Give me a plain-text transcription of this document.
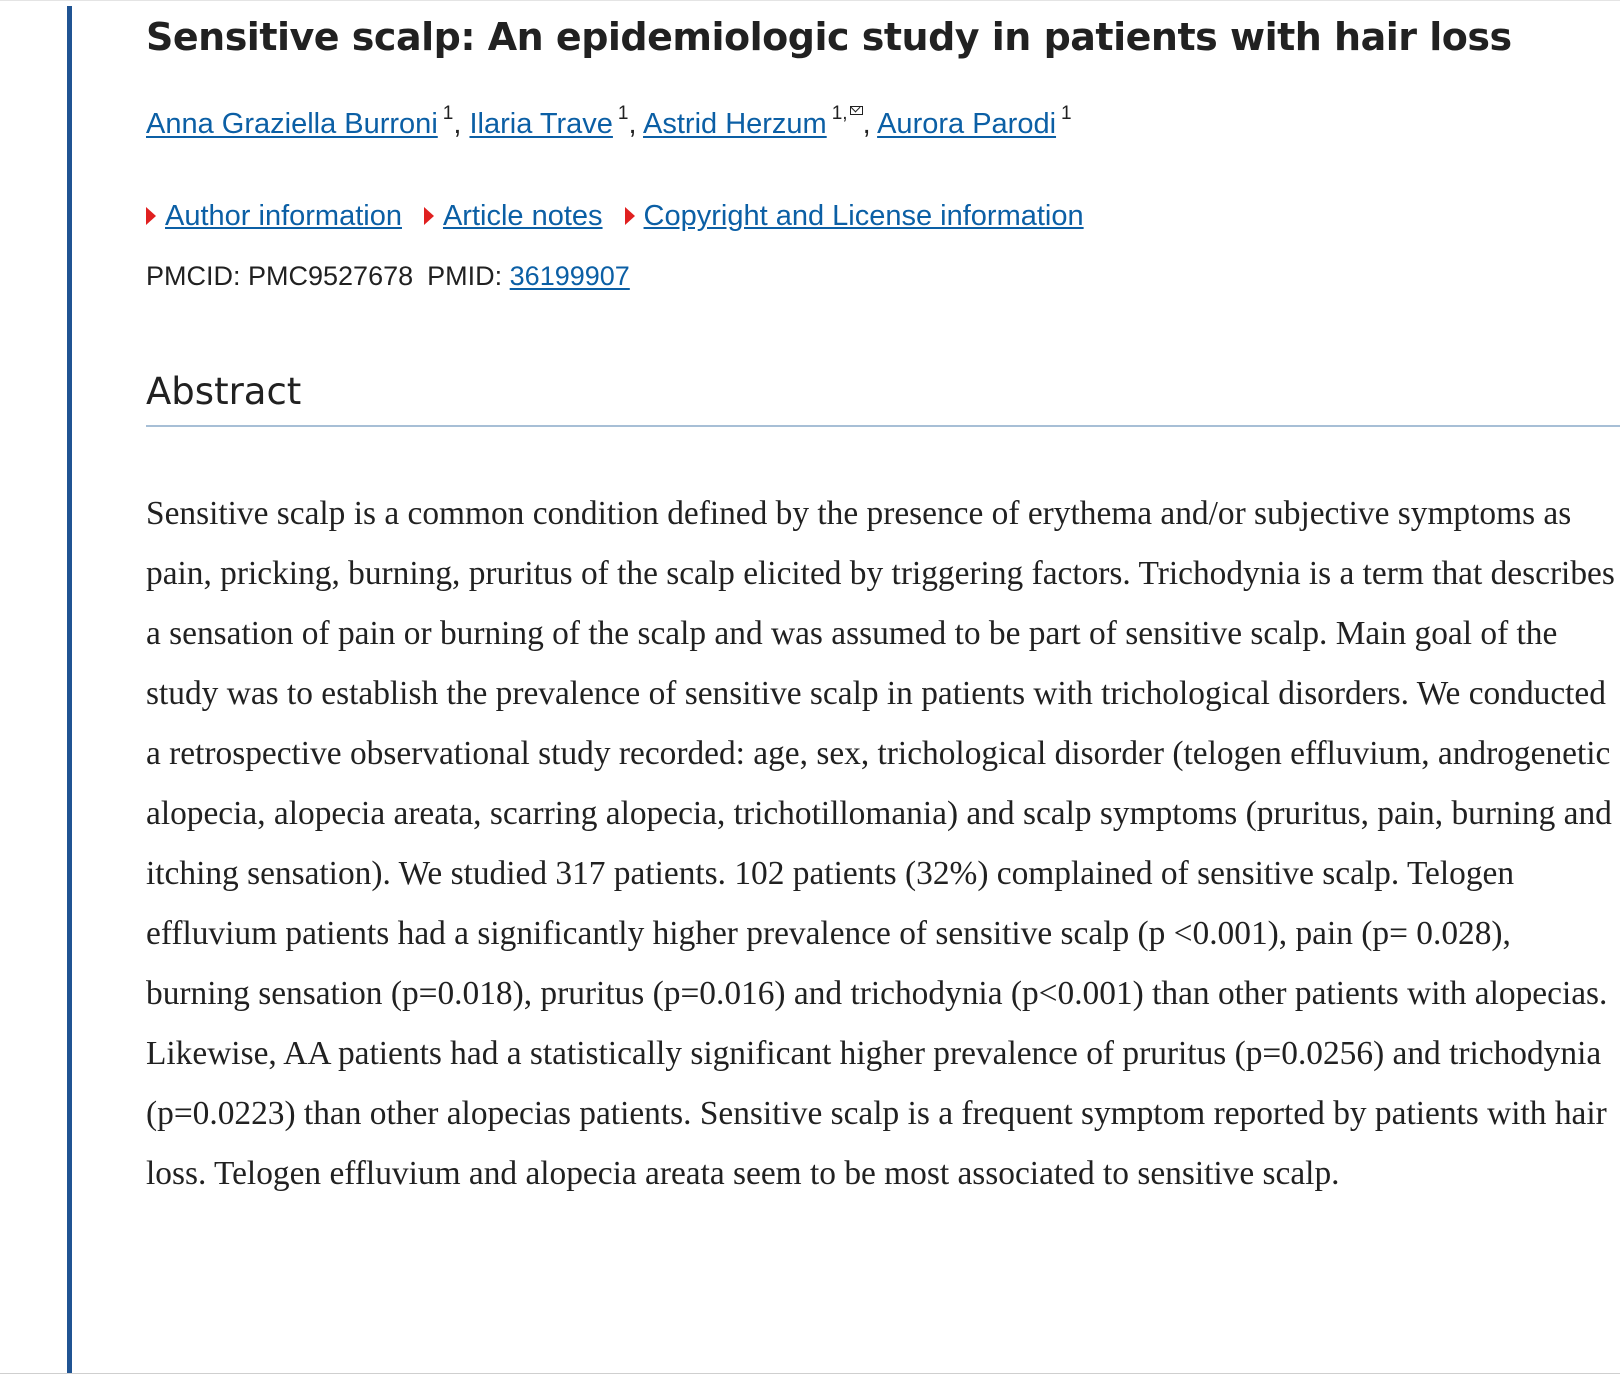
Sensitive scalp: An epidemiologic study in patients with hair loss
Anna Graziella Burroni $^1$, Ilaria Trave $^1$, Astrid Herzum $^{1,}$ , Aurora Parodi $^1$
Author information Article notes Copyright and License information
PMCID: PMC9527678 PMID: 36199907
Abstract

Sensitive scalp is a common condition defined by the presence of erythema and/or subjective symptoms as pain, pricking, burning, pruritus of the scalp elicited by triggering factors. Trichodynia is a term that describes a sensation of pain or burning of the scalp and was assumed to be part of sensitive scalp. Main goal of the study was to establish the prevalence of sensitive scalp in patients with trichological disorders. We conducted a retrospective observational study recorded: age, sex, trichological disorder (telogen effluvium, androgenetic alopecia, alopecia areata, scarring alopecia, trichotillomania) and scalp symptoms (pruritus, pain, burning and itching sensation). We studied 317 patients. 102 patients (32%) complained of sensitive scalp. Telogen effluvium patients had a significantly higher prevalence of sensitive scalp (p <0.001), pain (p= 0.028), burning sensation (p=0.018), pruritus (p=0.016) and trichodynia (p<0.001) than other patients with alopecias. Likewise, AA patients had a statistically significant higher prevalence of pruritus (p=0.0256) and trichodynia (p=0.0223) than other alopecias patients. Sensitive scalp is a frequent symptom reported by patients with hair loss. Telogen effluvium and alopecia areata seem to be most associated to sensitive scalp.
